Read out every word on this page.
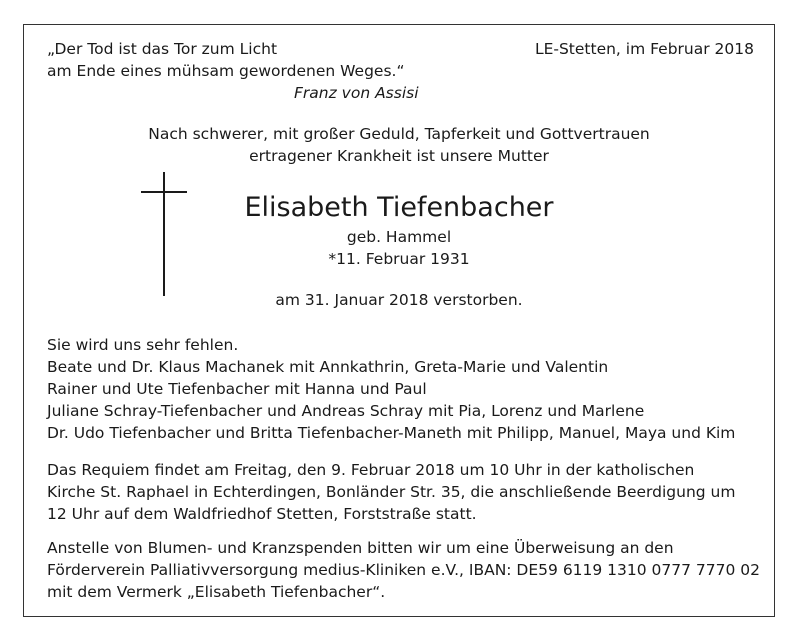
„Der Tod ist das Tor zum Licht
am Ende eines mühsam gewordenen Weges.“
Franz von Assisi
LE-Stetten, im Februar 2018
Nach schwerer, mit großer Geduld, Tapferkeit und Gottvertrauen
ertragener Krankheit ist unsere Mutter
Elisabeth Tiefenbacher
geb. Hammel
*11. Februar 1931
am 31. Januar 2018 verstorben.
Sie wird uns sehr fehlen.
Beate und Dr. Klaus Machanek mit Annkathrin, Greta-Marie und Valentin
Rainer und Ute Tiefenbacher mit Hanna und Paul
Juliane Schray-Tiefenbacher und Andreas Schray mit Pia, Lorenz und Marlene
Dr. Udo Tiefenbacher und Britta Tiefenbacher-Maneth mit Philipp, Manuel, Maya und Kim
Das Requiem findet am Freitag, den 9. Februar 2018 um 10 Uhr in der katholischen
Kirche St. Raphael in Echterdingen, Bonländer Str. 35, die anschließende Beerdigung um
12 Uhr auf dem Waldfriedhof Stetten, Forststraße statt.
Anstelle von Blumen- und Kranzspenden bitten wir um eine Überweisung an den
Förderverein Palliativversorgung medius-Kliniken e.V., IBAN: DE59 6119 1310 0777 7770 02
mit dem Vermerk „Elisabeth Tiefenbacher“.
